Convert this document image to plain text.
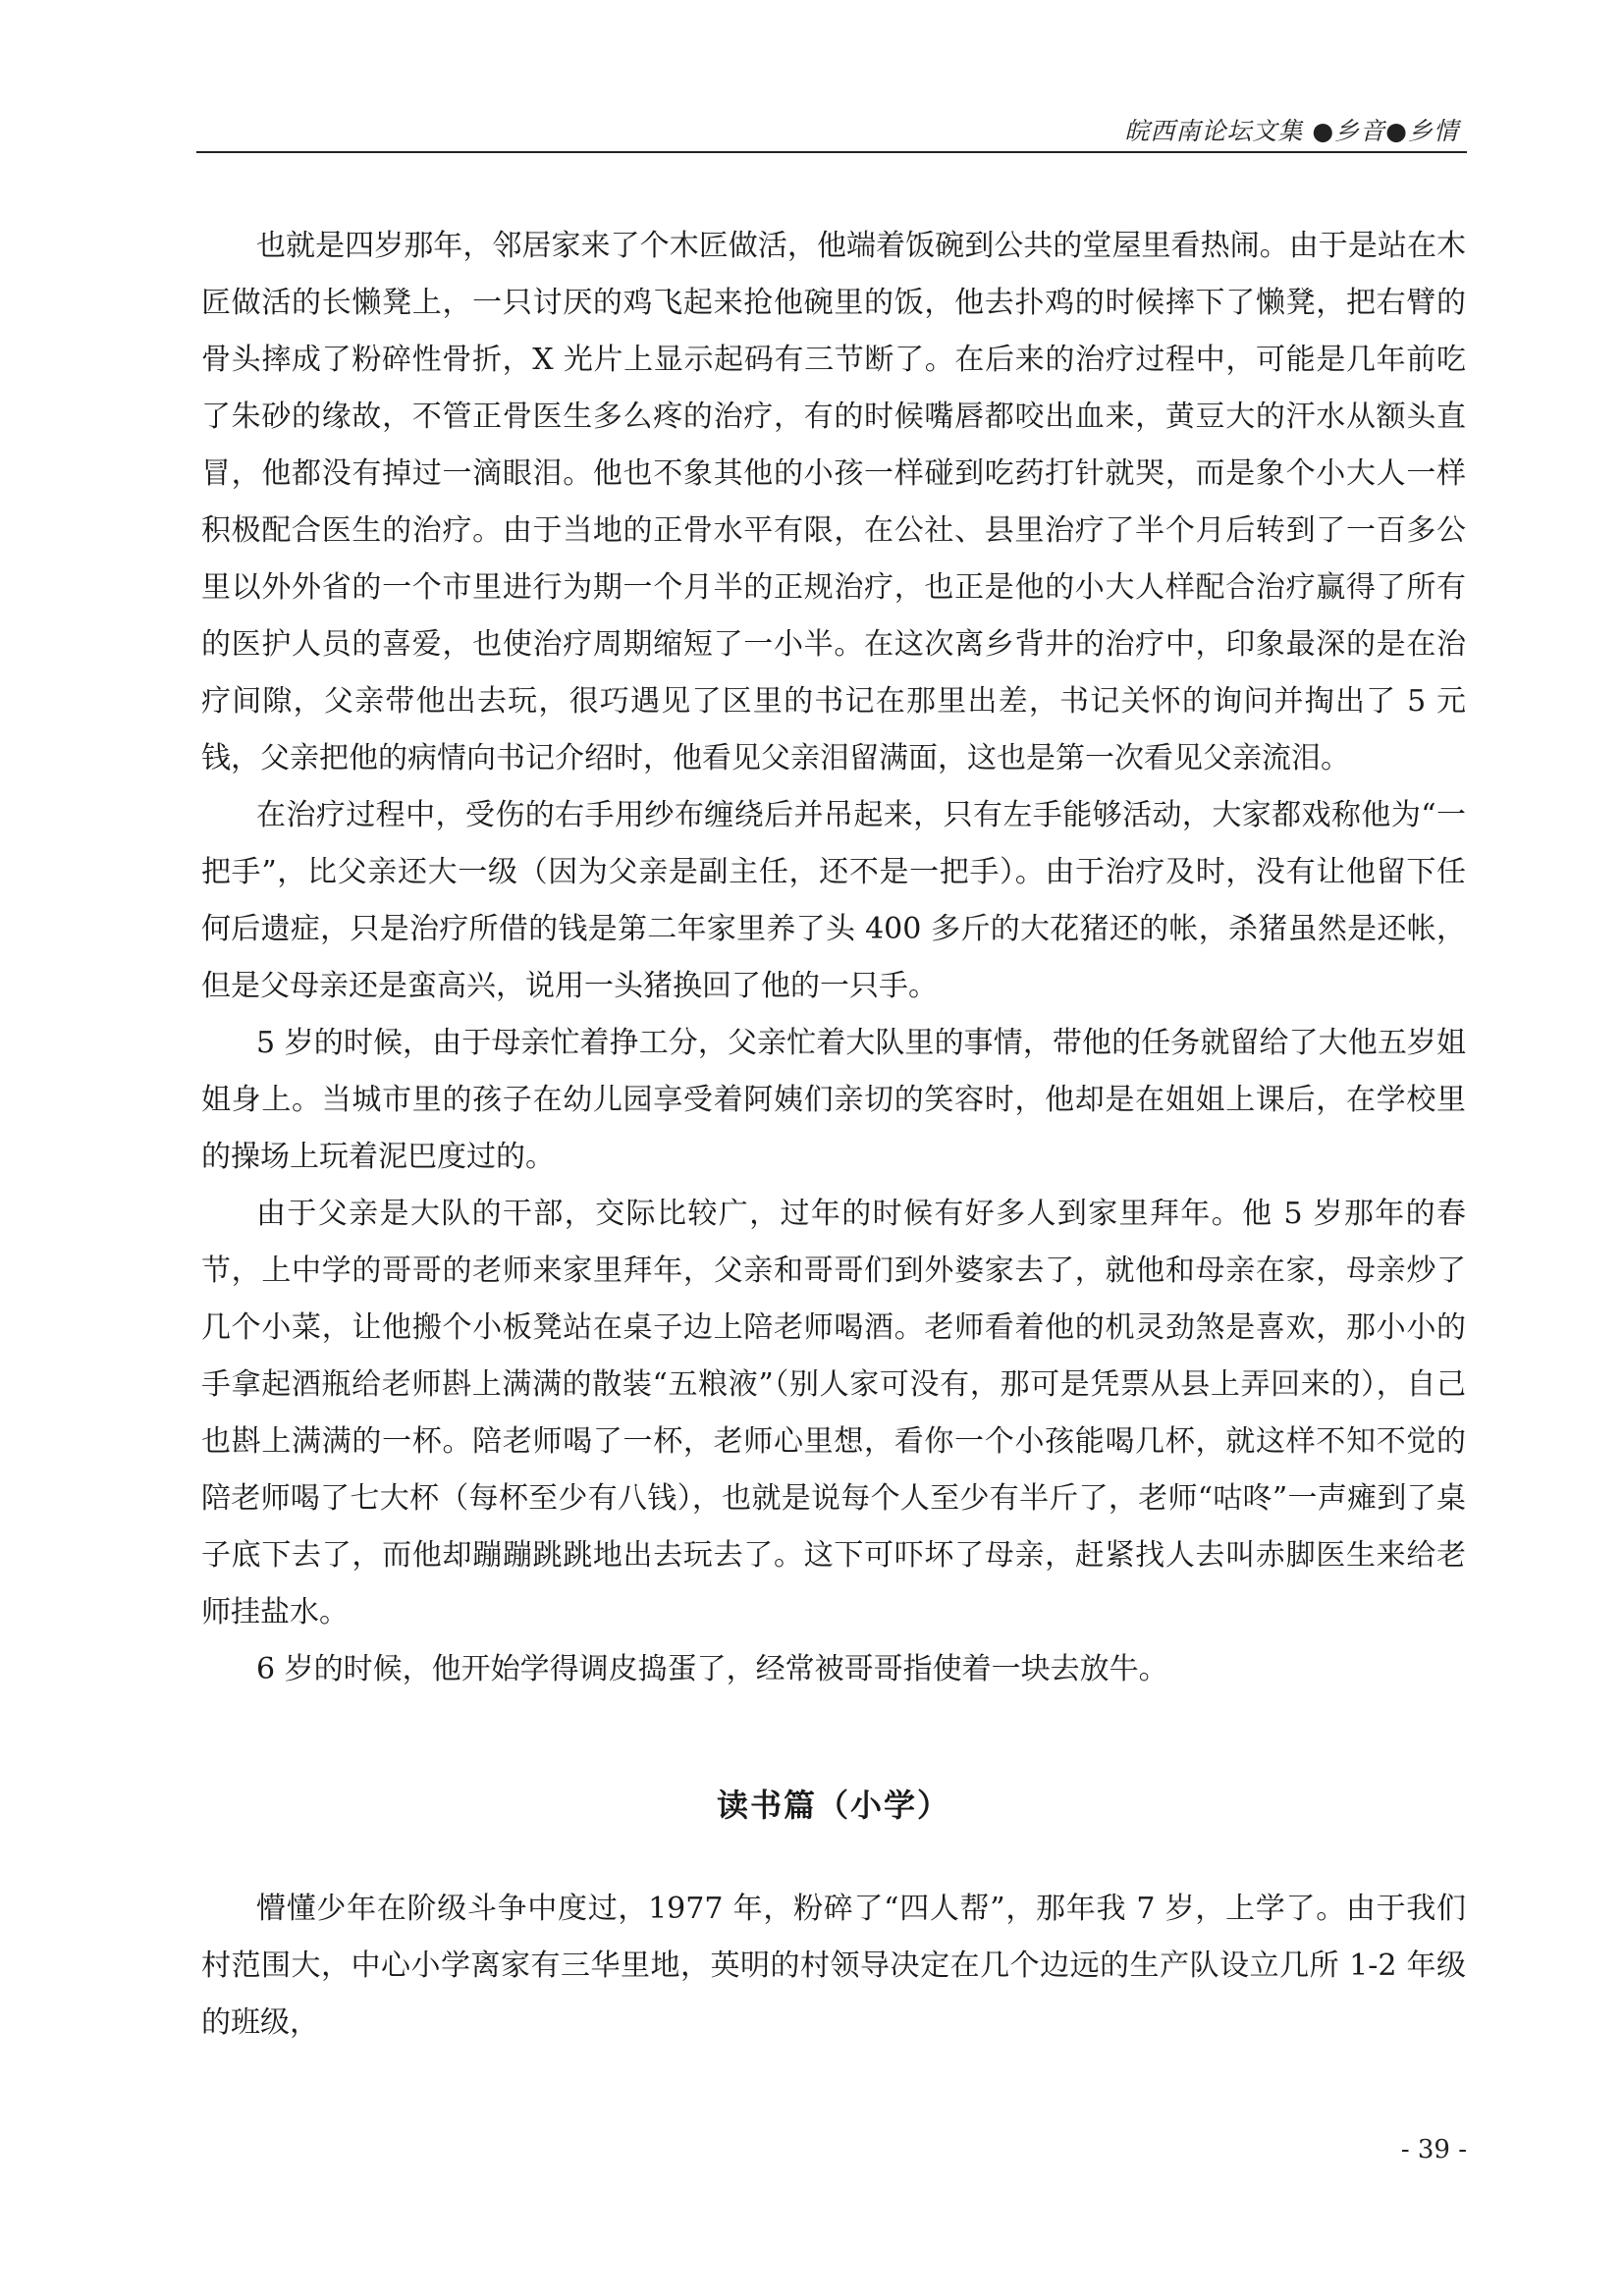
皖西南论坛文集 ●乡音●乡情

也就是四岁那年，邻居家来了个木匠做活，他端着饭碗到公共的堂屋里看热闹。由于是站在木匠做活的长懒凳上，一只讨厌的鸡飞起来抢他碗里的饭，他去扑鸡的时候摔下了懒凳，把右臂的骨头摔成了粉碎性骨折，X 光片上显示起码有三节断了。在后来的治疗过程中，可能是几年前吃了朱砂的缘故，不管正骨医生多么疼的治疗，有的时候嘴唇都咬出血来，黄豆大的汗水从额头直冒，他都没有掉过一滴眼泪。他也不象其他的小孩一样碰到吃药打针就哭，而是象个小大人一样积极配合医生的治疗。由于当地的正骨水平有限，在公社、县里治疗了半个月后转到了一百多公里以外外省的一个市里进行为期一个月半的正规治疗，也正是他的小大人样配合治疗赢得了所有的医护人员的喜爱，也使治疗周期缩短了一小半。在这次离乡背井的治疗中，印象最深的是在治疗间隙，父亲带他出去玩，很巧遇见了区里的书记在那里出差，书记关怀的询问并掏出了 5 元钱，父亲把他的病情向书记介绍时，他看见父亲泪留满面，这也是第一次看见父亲流泪。

在治疗过程中，受伤的右手用纱布缠绕后并吊起来，只有左手能够活动，大家都戏称他为“一把手”，比父亲还大一级（因为父亲是副主任，还不是一把手）。由于治疗及时，没有让他留下任何后遗症，只是治疗所借的钱是第二年家里养了头 400 多斤的大花猪还的帐，杀猪虽然是还帐，但是父母亲还是蛮高兴，说用一头猪换回了他的一只手。

5 岁的时候，由于母亲忙着挣工分，父亲忙着大队里的事情，带他的任务就留给了大他五岁姐姐身上。当城市里的孩子在幼儿园享受着阿姨们亲切的笑容时，他却是在姐姐上课后，在学校里的操场上玩着泥巴度过的。

由于父亲是大队的干部，交际比较广，过年的时候有好多人到家里拜年。他 5 岁那年的春节，上中学的哥哥的老师来家里拜年，父亲和哥哥们到外婆家去了，就他和母亲在家，母亲炒了几个小菜，让他搬个小板凳站在桌子边上陪老师喝酒。老师看着他的机灵劲煞是喜欢，那小小的手拿起酒瓶给老师斟上满满的散装“五粮液”（别人家可没有，那可是凭票从县上弄回来的），自己也斟上满满的一杯。陪老师喝了一杯，老师心里想，看你一个小孩能喝几杯，就这样不知不觉的陪老师喝了七大杯（每杯至少有八钱），也就是说每个人至少有半斤了，老师“咕咚”一声瘫到了桌子底下去了，而他却蹦蹦跳跳地出去玩去了。这下可吓坏了母亲，赶紧找人去叫赤脚医生来给老师挂盐水。

6 岁的时候，他开始学得调皮捣蛋了，经常被哥哥指使着一块去放牛。

读书篇（小学）

懵懂少年在阶级斗争中度过，1977 年，粉碎了“四人帮”，那年我 7 岁，上学了。由于我们村范围大，中心小学离家有三华里地，英明的村领导决定在几个边远的生产队设立几所 1-2 年级的班级，

- 39 -
